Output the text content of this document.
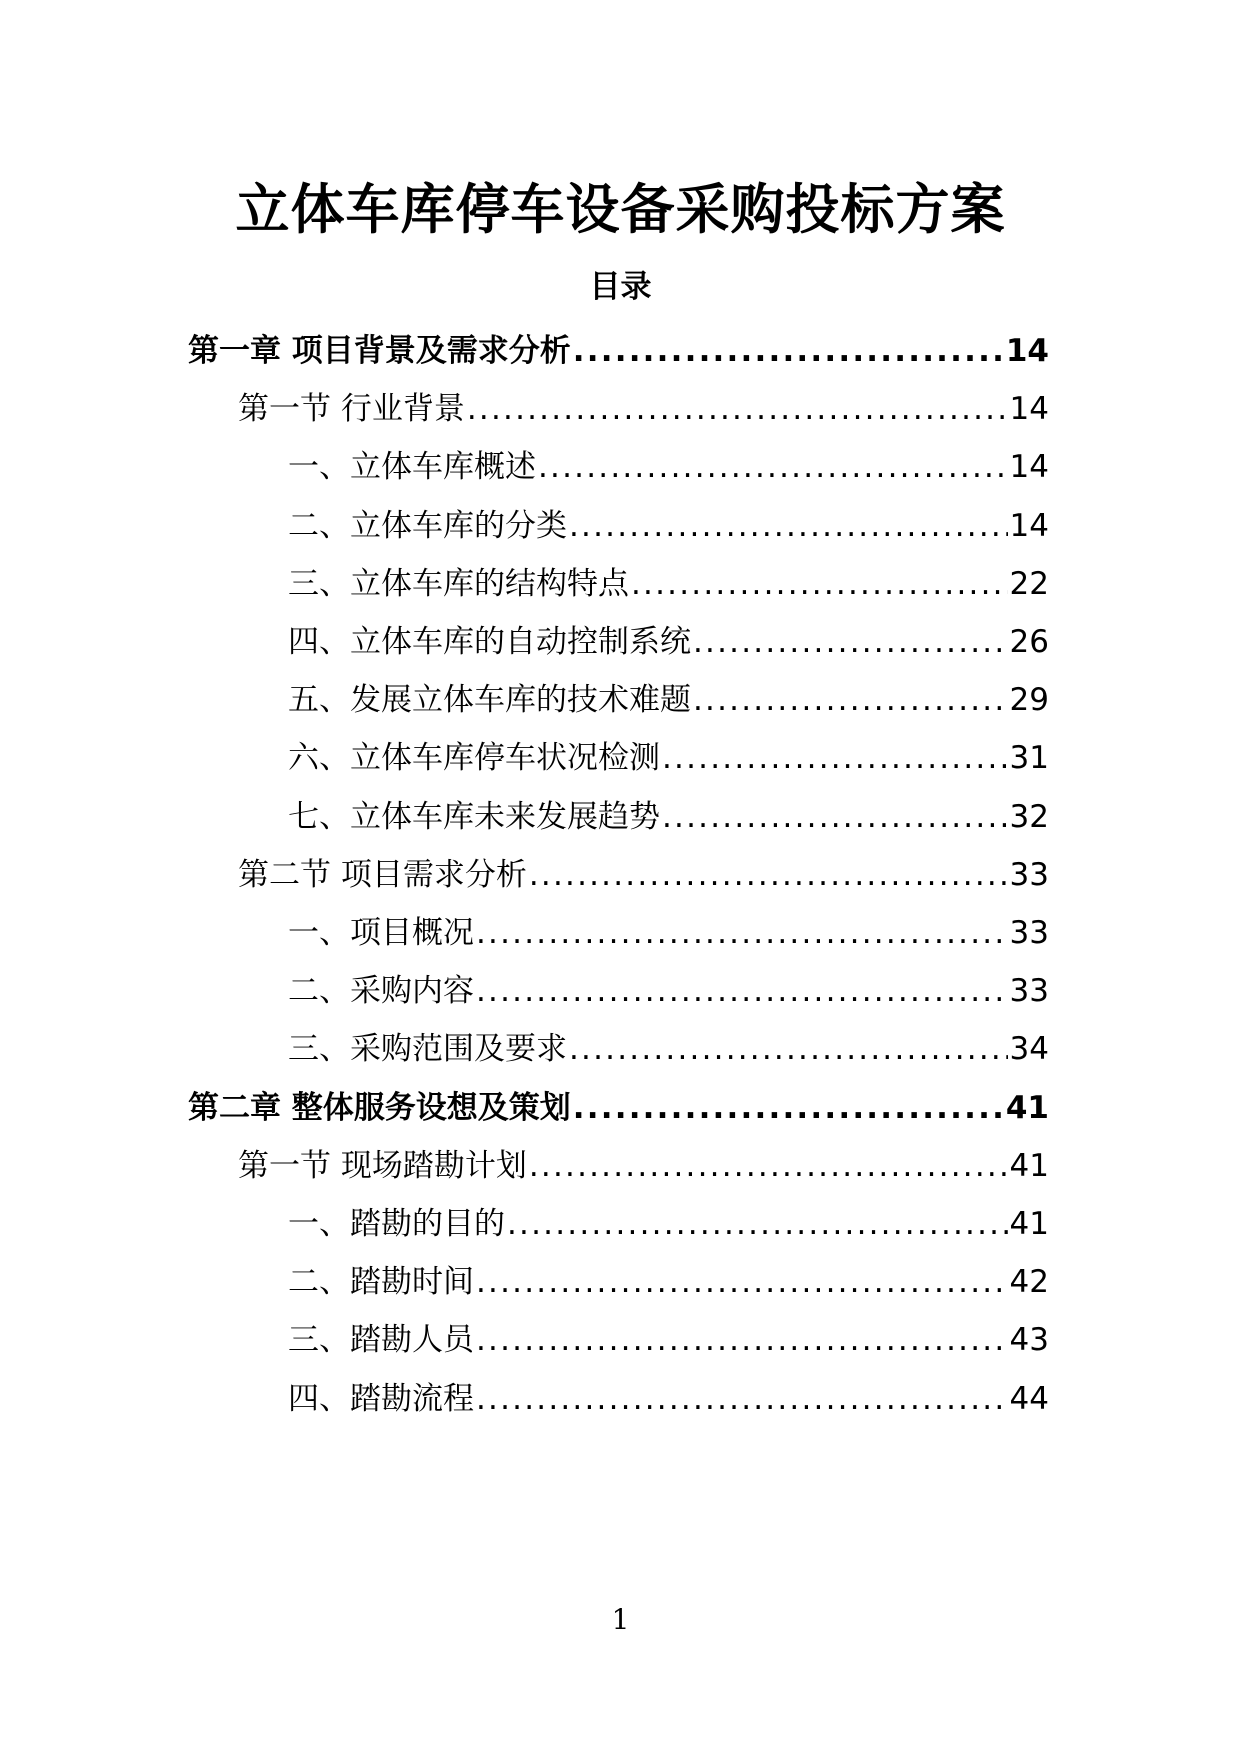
立体车库停车设备采购投标方案
目录
第一章 项目背景及需求分析 .....	14
第一节 行业背景 .....	14
一、立体车库概述 .....	14
二、立体车库的分类 .....	14
三、立体车库的结构特点 .....	22
四、立体车库的自动控制系统 .....	26
五、发展立体车库的技术难题 .....	29
六、立体车库停车状况检测 .....	31
七、立体车库未来发展趋势 .....	32
第二节 项目需求分析 .....	33
一、项目概况 .....	33
二、采购内容 .....	33
三、采购范围及要求 .....	34
第二章 整体服务设想及策划 .....	41
第一节 现场踏勘计划 .....	41
一、踏勘的目的 .....	41
二、踏勘时间 .....	42
三、踏勘人员 .....	43
四、踏勘流程 .....	44
1
